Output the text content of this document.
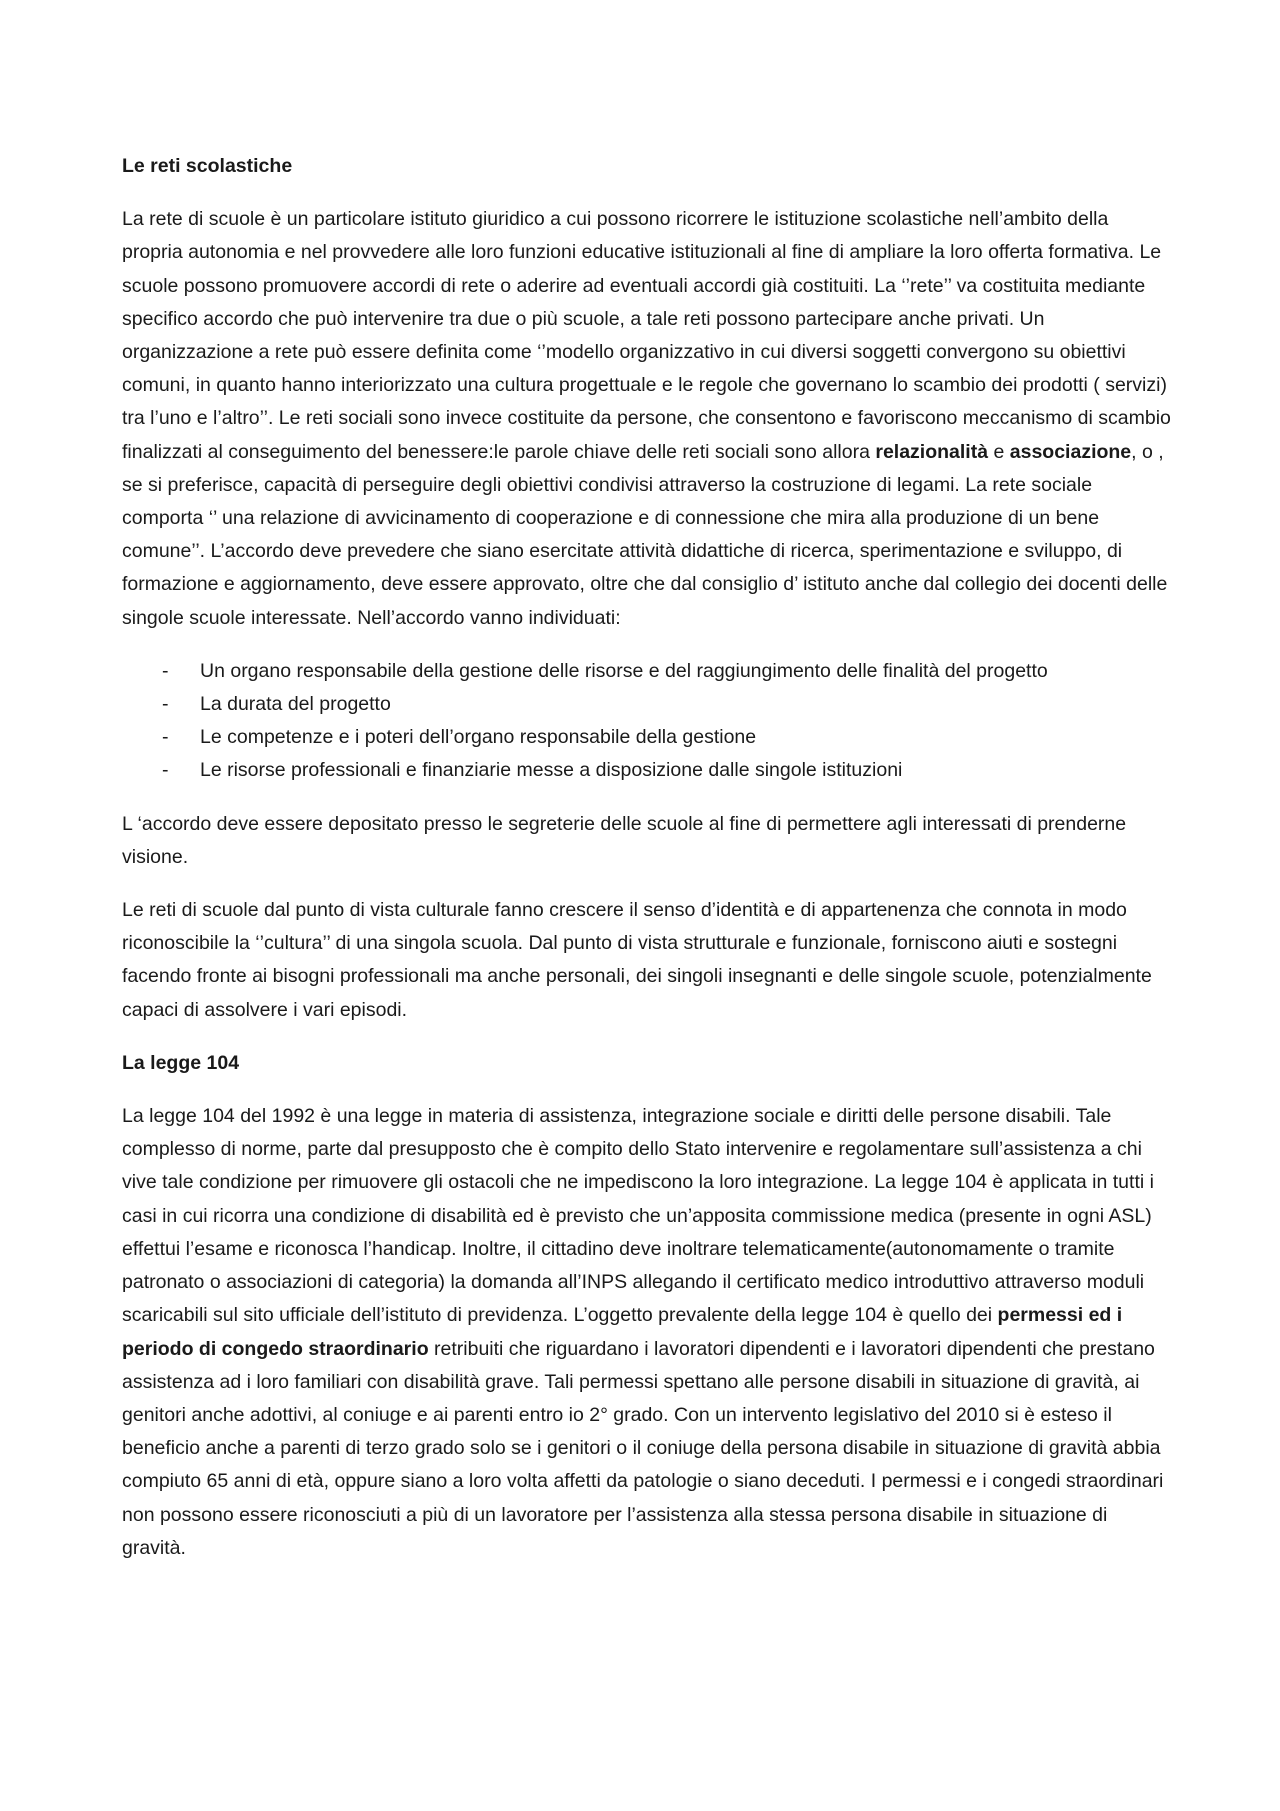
Le reti scolastiche

La rete di scuole è un particolare istituto giuridico a cui possono ricorrere le istituzione scolastiche nell’ambito della propria autonomia e nel provvedere alle loro funzioni educative istituzionali al fine di ampliare la loro offerta formativa. Le scuole possono promuovere accordi di rete o aderire ad eventuali accordi già costituiti. La ‘’rete’’ va costituita mediante specifico accordo che può intervenire tra due o più scuole, a tale reti possono partecipare anche privati. Un organizzazione a rete può essere definita come ‘’modello organizzativo in cui diversi soggetti convergono su obiettivi comuni, in quanto hanno interiorizzato una cultura progettuale e le regole che governano lo scambio dei prodotti ( servizi) tra l’uno e l’altro’’. Le reti sociali sono invece costituite da persone, che consentono e favoriscono meccanismo di scambio finalizzati al conseguimento del benessere:le parole chiave delle reti sociali sono allora relazionalità e associazione, o , se si preferisce, capacità di perseguire degli obiettivi condivisi attraverso la costruzione di legami. La rete sociale comporta ‘’ una relazione di avvicinamento di cooperazione e di connessione che mira alla produzione di un bene comune’’. L’accordo deve prevedere che siano esercitate attività didattiche di ricerca, sperimentazione e sviluppo, di formazione e aggiornamento, deve essere approvato, oltre che dal consiglio d’ istituto anche dal collegio dei docenti delle singole scuole interessate. Nell’accordo vanno individuati:

- Un organo responsabile della gestione delle risorse e del raggiungimento delle finalità del progetto
- La durata del progetto
- Le competenze e i poteri dell’organo responsabile della gestione
- Le risorse professionali e finanziarie messe a disposizione dalle singole istituzioni

L ‘accordo deve essere depositato presso le segreterie delle scuole al fine di permettere agli interessati di prenderne visione.

Le reti di scuole dal punto di vista culturale fanno crescere il senso d’identità e di appartenenza che connota in modo riconoscibile la ‘’cultura’’ di una singola scuola. Dal punto di vista strutturale e funzionale, forniscono aiuti e sostegni facendo fronte ai bisogni professionali ma anche personali, dei singoli insegnanti e delle singole scuole, potenzialmente capaci di assolvere i vari episodi.

La legge 104

La legge 104 del 1992 è una legge in materia di assistenza, integrazione sociale e diritti delle persone disabili. Tale complesso di norme, parte dal presupposto che è compito dello Stato intervenire e regolamentare sull’assistenza a chi vive tale condizione per rimuovere gli ostacoli che ne impediscono la loro integrazione. La legge 104 è applicata in tutti i casi in cui ricorra una condizione di disabilità ed è previsto che un’apposita commissione medica (presente in ogni ASL) effettui l’esame e riconosca l’handicap. Inoltre, il cittadino deve inoltrare telematicamente(autonomamente o tramite patronato o associazioni di categoria) la domanda all’INPS allegando il certificato medico introduttivo attraverso moduli scaricabili sul sito ufficiale dell’istituto di previdenza. L’oggetto prevalente della legge 104 è quello dei permessi ed i periodo di congedo straordinario retribuiti che riguardano i lavoratori dipendenti e i lavoratori dipendenti che prestano assistenza ad i loro familiari con disabilità grave. Tali permessi spettano alle persone disabili in situazione di gravità, ai genitori anche adottivi, al coniuge e ai parenti entro io 2° grado. Con un intervento legislativo del 2010 si è esteso il beneficio anche a parenti di terzo grado solo se i genitori o il coniuge della persona disabile in situazione di gravità abbia compiuto 65 anni di età, oppure siano a loro volta affetti da patologie o siano deceduti. I permessi e i congedi straordinari non possono essere riconosciuti a più di un lavoratore per l’assistenza alla stessa persona disabile in situazione di gravità.
